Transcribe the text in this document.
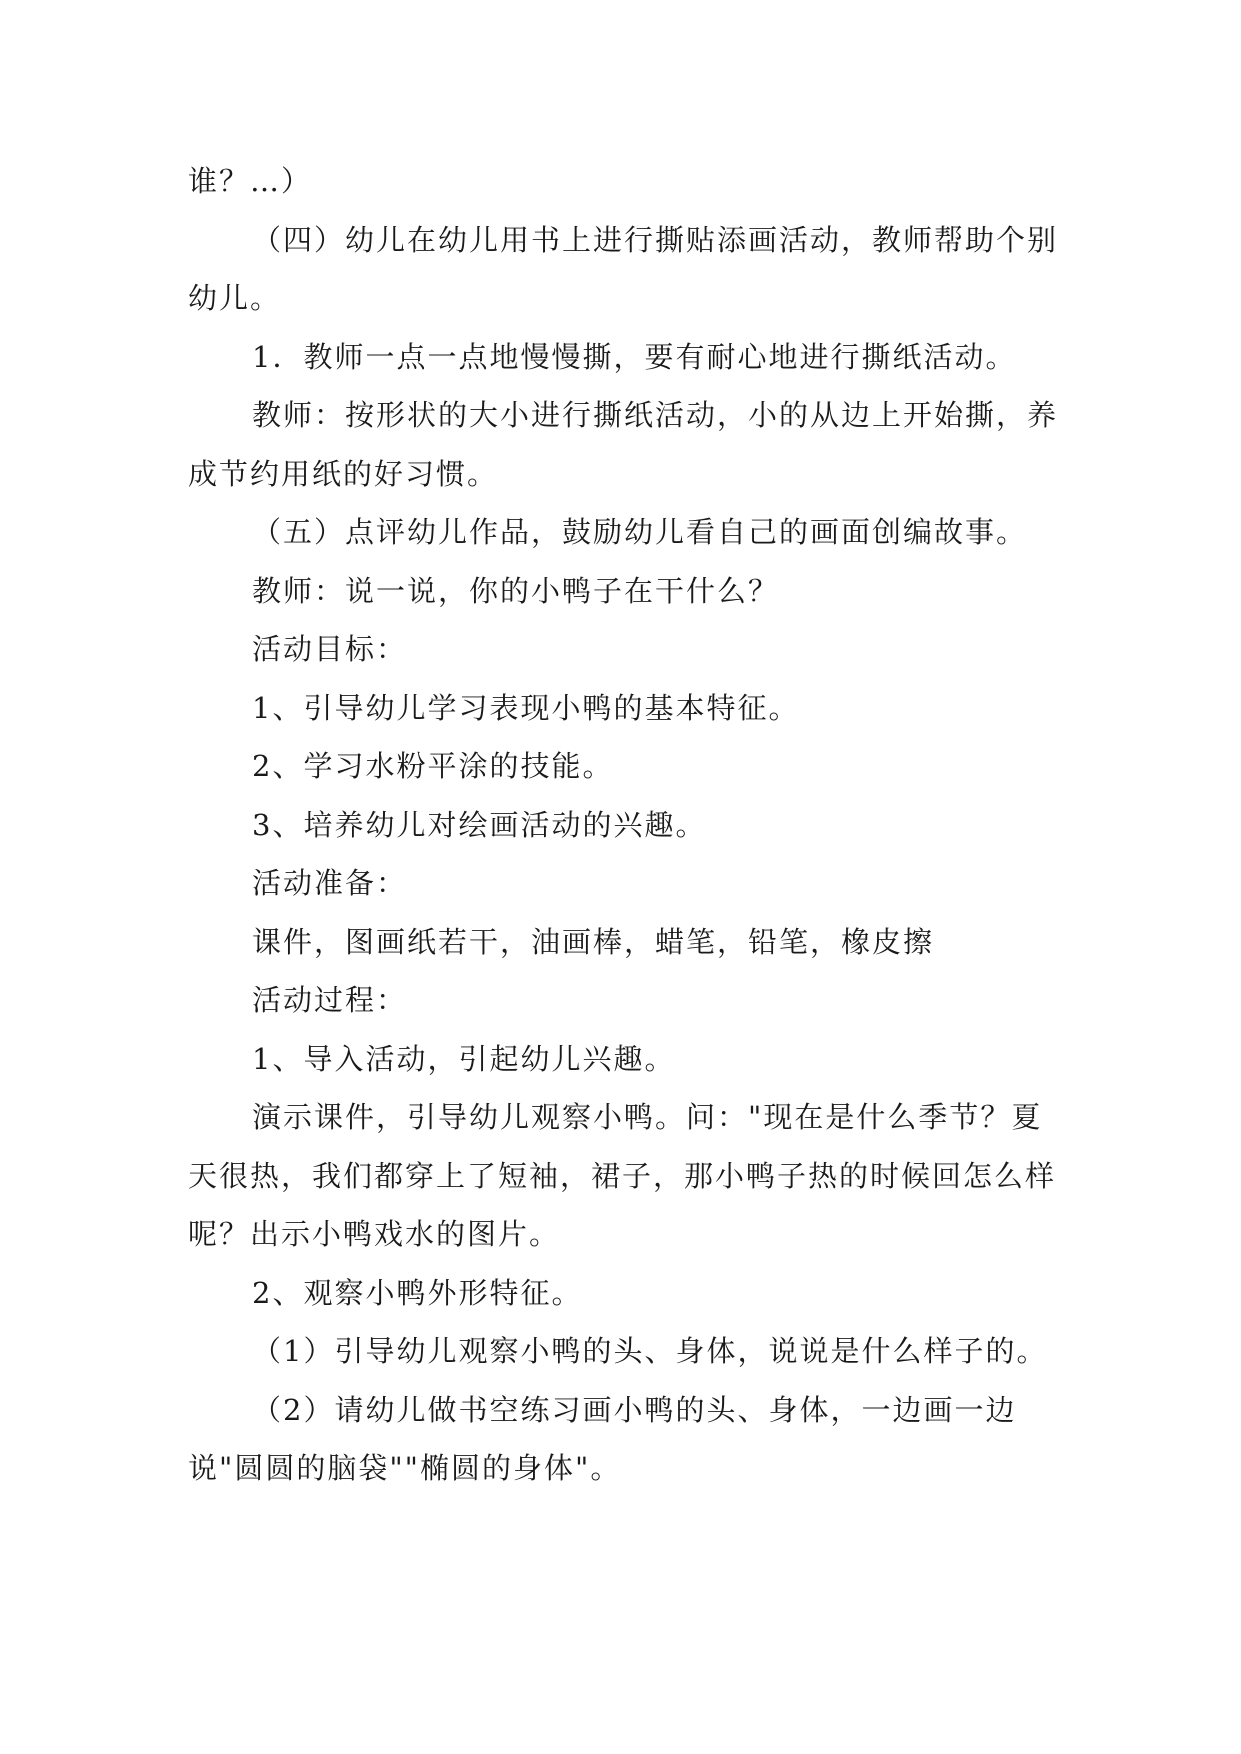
谁？…）

（四）幼儿在幼儿用书上进行撕贴添画活动，教师帮助个别幼儿。

1．教师一点一点地慢慢撕，要有耐心地进行撕纸活动。

教师：按形状的大小进行撕纸活动，小的从边上开始撕，养成节约用纸的好习惯。

（五）点评幼儿作品，鼓励幼儿看自己的画面创编故事。

教师：说一说，你的小鸭子在干什么？

活动目标：

1、引导幼儿学习表现小鸭的基本特征。

2、学习水粉平涂的技能。

3、培养幼儿对绘画活动的兴趣。

活动准备：

课件，图画纸若干，油画棒，蜡笔，铅笔，橡皮擦

活动过程：

1、导入活动，引起幼儿兴趣。

演示课件，引导幼儿观察小鸭。问："现在是什么季节？夏天很热，我们都穿上了短袖，裙子，那小鸭子热的时候回怎么样呢？出示小鸭戏水的图片。

2、观察小鸭外形特征。

（1）引导幼儿观察小鸭的头、身体，说说是什么样子的。

（2）请幼儿做书空练习画小鸭的头、身体，一边画一边说"圆圆的脑袋""椭圆的身体"。
